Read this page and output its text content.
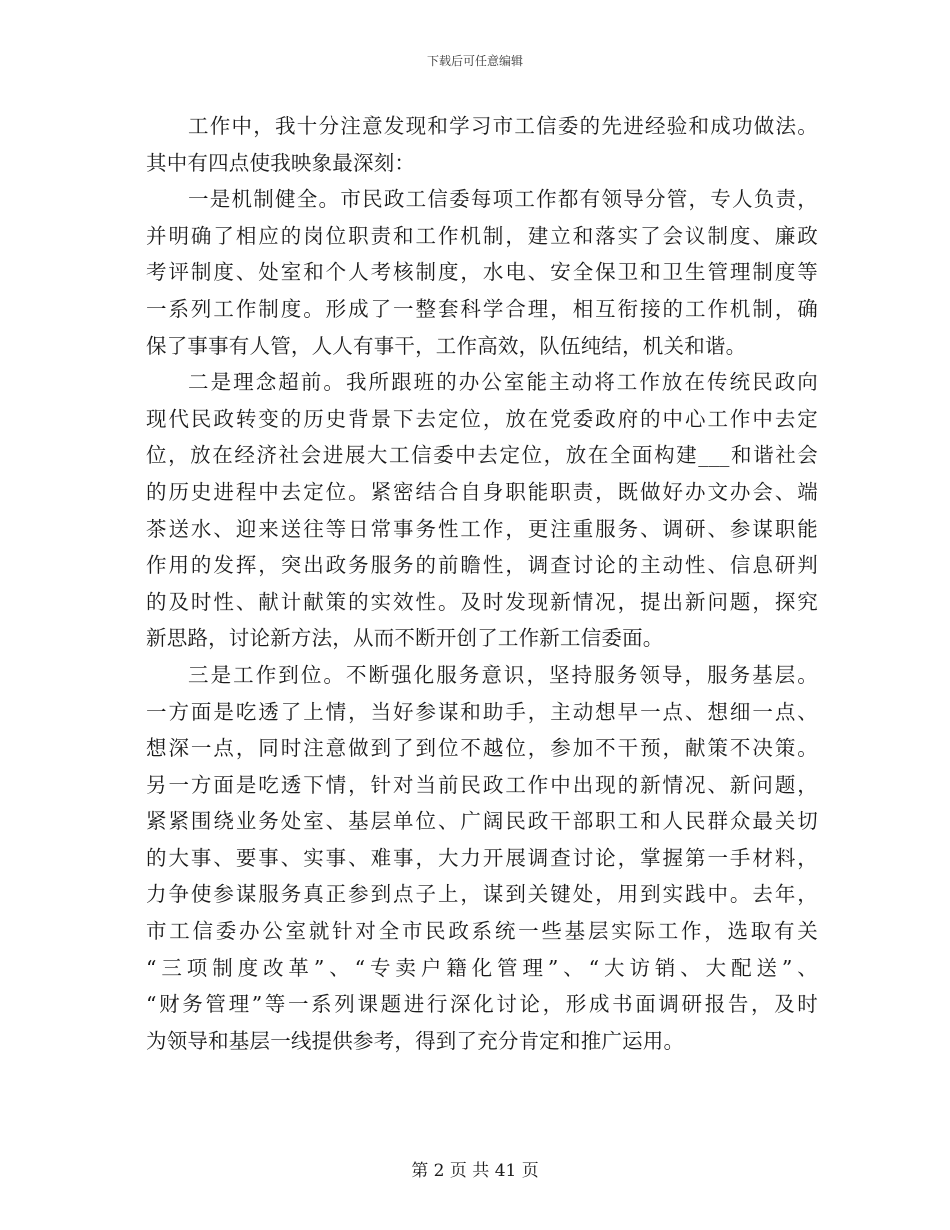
下载后可任意编辑
工作中，我十分注意发现和学习市工信委的先进经验和成功做法。
其中有四点使我映象最深刻：
一是机制健全。市民政工信委每项工作都有领导分管，专人负责，
并明确了相应的岗位职责和工作机制，建立和落实了会议制度、廉政
考评制度、处室和个人考核制度，水电、安全保卫和卫生管理制度等
一系列工作制度。形成了一整套科学合理，相互衔接的工作机制，确
保了事事有人管，人人有事干，工作高效，队伍纯结，机关和谐。
二是理念超前。我所跟班的办公室能主动将工作放在传统民政向
现代民政转变的历史背景下去定位，放在党委政府的中心工作中去定
位，放在经济社会进展大工信委中去定位，放在全面构建___和谐社会
的历史进程中去定位。紧密结合自身职能职责，既做好办文办会、端
茶送水、迎来送往等日常事务性工作，更注重服务、调研、参谋职能
作用的发挥，突出政务服务的前瞻性，调查讨论的主动性、信息研判
的及时性、献计献策的实效性。及时发现新情况，提出新问题，探究
新思路，讨论新方法，从而不断开创了工作新工信委面。
三是工作到位。不断强化服务意识，坚持服务领导，服务基层。
一方面是吃透了上情，当好参谋和助手，主动想早一点、想细一点、
想深一点，同时注意做到了到位不越位，参加不干预，献策不决策。
另一方面是吃透下情，针对当前民政工作中出现的新情况、新问题，
紧紧围绕业务处室、基层单位、广阔民政干部职工和人民群众最关切
的大事、要事、实事、难事，大力开展调查讨论，掌握第一手材料，
力争使参谋服务真正参到点子上，谋到关键处，用到实践中。去年，
市工信委办公室就针对全市民政系统一些基层实际工作，选取有关
“三项制度改革”、“专卖户籍化管理”、“大访销、大配送”、
“财务管理”等一系列课题进行深化讨论，形成书面调研报告，及时
为领导和基层一线提供参考，得到了充分肯定和推广运用。
第 2 页 共 41 页
